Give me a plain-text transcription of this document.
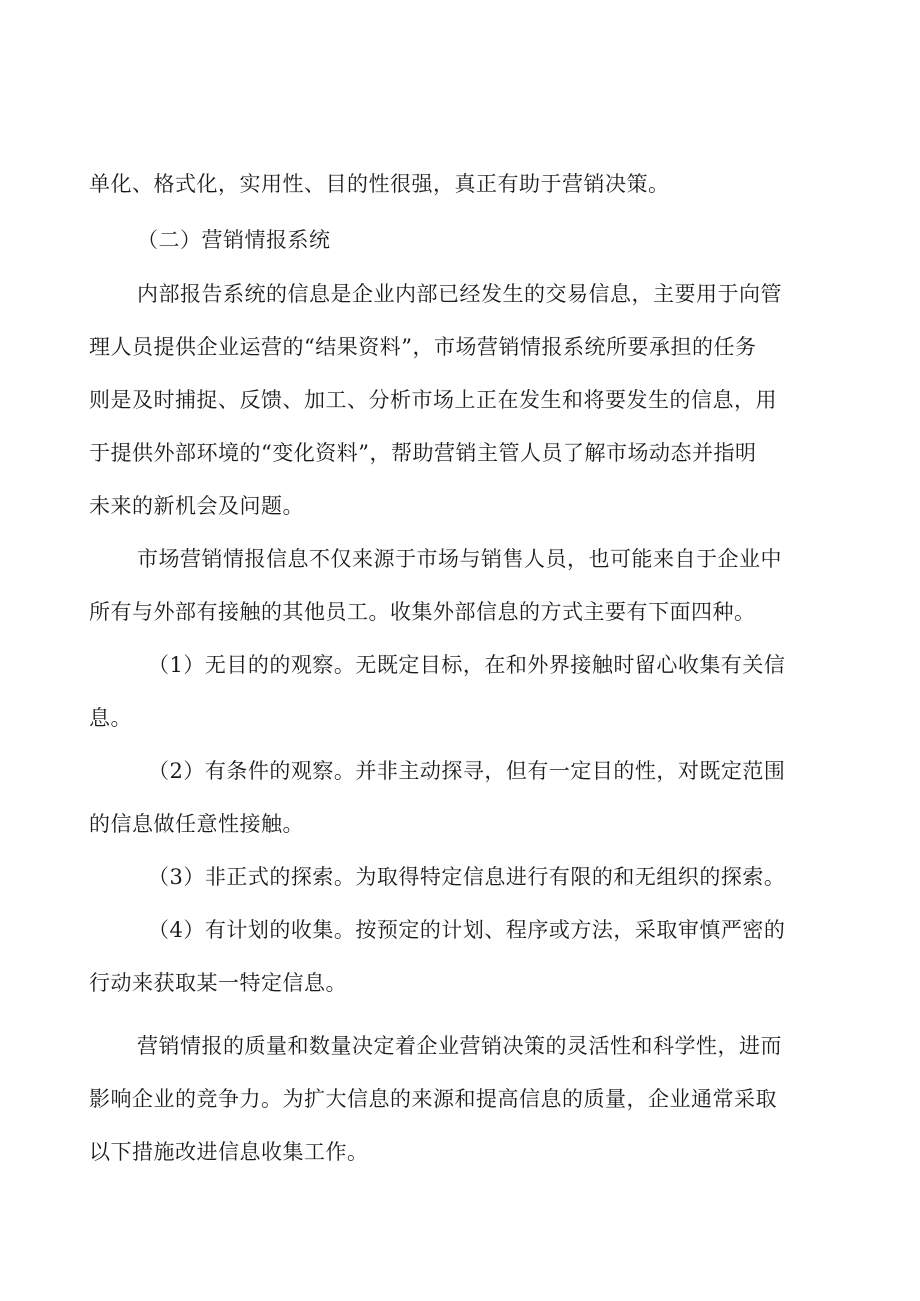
单化、格式化，实用性、目的性很强，真正有助于营销决策。
（二）营销情报系统
内部报告系统的信息是企业内部已经发生的交易信息，主要用于向管
理人员提供企业运营的“结果资料”，市场营销情报系统所要承担的任务
则是及时捕捉、反馈、加工、分析市场上正在发生和将要发生的信息，用
于提供外部环境的“变化资料”，帮助营销主管人员了解市场动态并指明
未来的新机会及问题。
市场营销情报信息不仅来源于市场与销售人员，也可能来自于企业中
所有与外部有接触的其他员工。收集外部信息的方式主要有下面四种。
（1）无目的的观察。无既定目标，在和外界接触时留心收集有关信
息。
（2）有条件的观察。并非主动探寻，但有一定目的性，对既定范围
的信息做任意性接触。
（3）非正式的探索。为取得特定信息进行有限的和无组织的探索。
（4）有计划的收集。按预定的计划、程序或方法，采取审慎严密的
行动来获取某一特定信息。
营销情报的质量和数量决定着企业营销决策的灵活性和科学性，进而
影响企业的竞争力。为扩大信息的来源和提高信息的质量，企业通常采取
以下措施改进信息收集工作。
